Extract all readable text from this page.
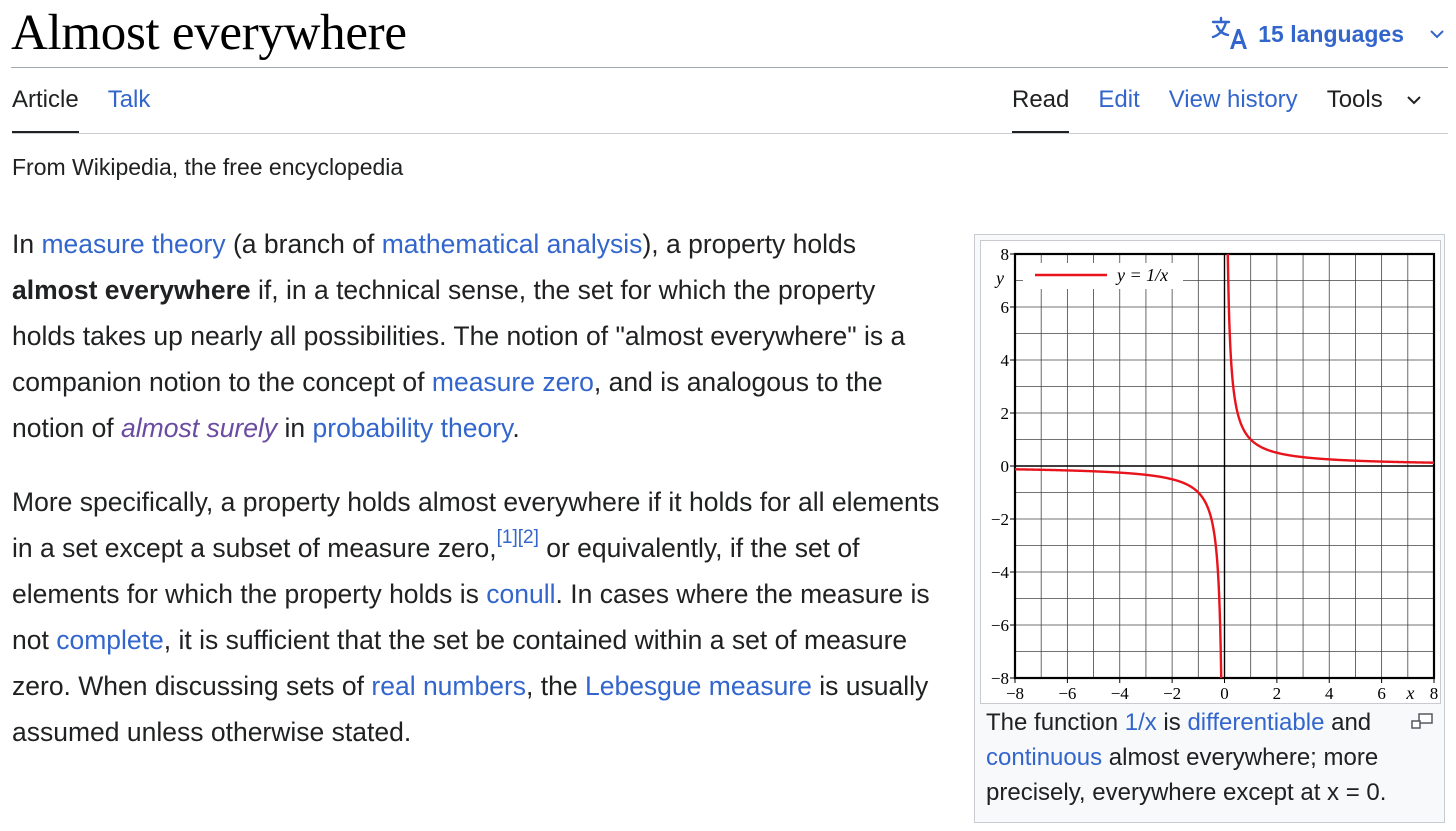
Almost everywhere	15 languages
Article Talk	Read Edit View history Tools
From Wikipedia, the free encyclopedia

In measure theory (a branch of mathematical analysis), a property holds almost everywhere if, in a technical sense, the set for which the property holds takes up nearly all possibilities. The notion of "almost everywhere" is a companion notion to the concept of measure zero, and is analogous to the notion of almost surely in probability theory.

More specifically, a property holds almost everywhere if it holds for all elements in a set except a subset of measure zero,[1][2] or equivalently, if the set of elements for which the property holds is conull. In cases where the measure is not complete, it is sufficient that the set be contained within a set of measure zero. When discussing sets of real numbers, the Lebesgue measure is usually assumed unless otherwise stated.

−8 −6 −4 −2 0	2	4	6	8
x
−8
−6
−4
−2
0
2
4
6
8
y	y = 1/x
The function 1/x is differentiable and continuous almost everywhere; more precisely, everywhere except at x = 0.
